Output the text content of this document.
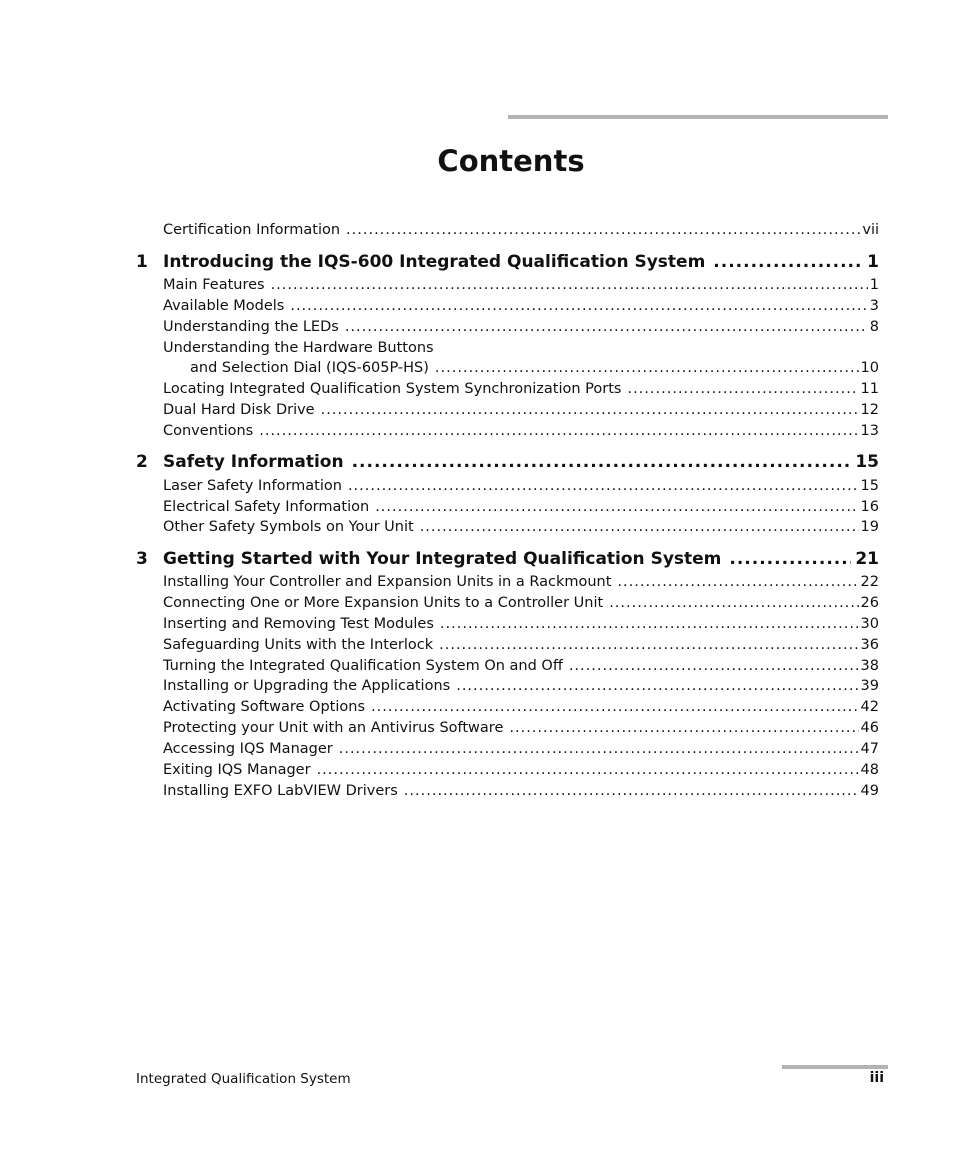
Contents
Certification Information .....	vii
1 Introducing the IQS-600 Integrated Qualification System .....	1
Main Features .....	1
Available Models .....	3
Understanding the LEDs .....	8
Understanding the Hardware Buttons
and Selection Dial (IQS-605P-HS) .....	10
Locating Integrated Qualification System Synchronization Ports .....	11
Dual Hard Disk Drive .....	12
Conventions .....	13
2 Safety Information .....	15
Laser Safety Information .....	15
Electrical Safety Information .....	16
Other Safety Symbols on Your Unit .....	19
3 Getting Started with Your Integrated Qualification System .....	21
Installing Your Controller and Expansion Units in a Rackmount .....	22
Connecting One or More Expansion Units to a Controller Unit .....	26
Inserting and Removing Test Modules .....	30
Safeguarding Units with the Interlock .....	36
Turning the Integrated Qualification System On and Off .....	38
Installing or Upgrading the Applications .....	39
Activating Software Options .....	42
Protecting your Unit with an Antivirus Software .....	46
Accessing IQS Manager .....	47
Exiting IQS Manager .....	48
Installing EXFO LabVIEW Drivers .....	49
Integrated Qualification System	iii
